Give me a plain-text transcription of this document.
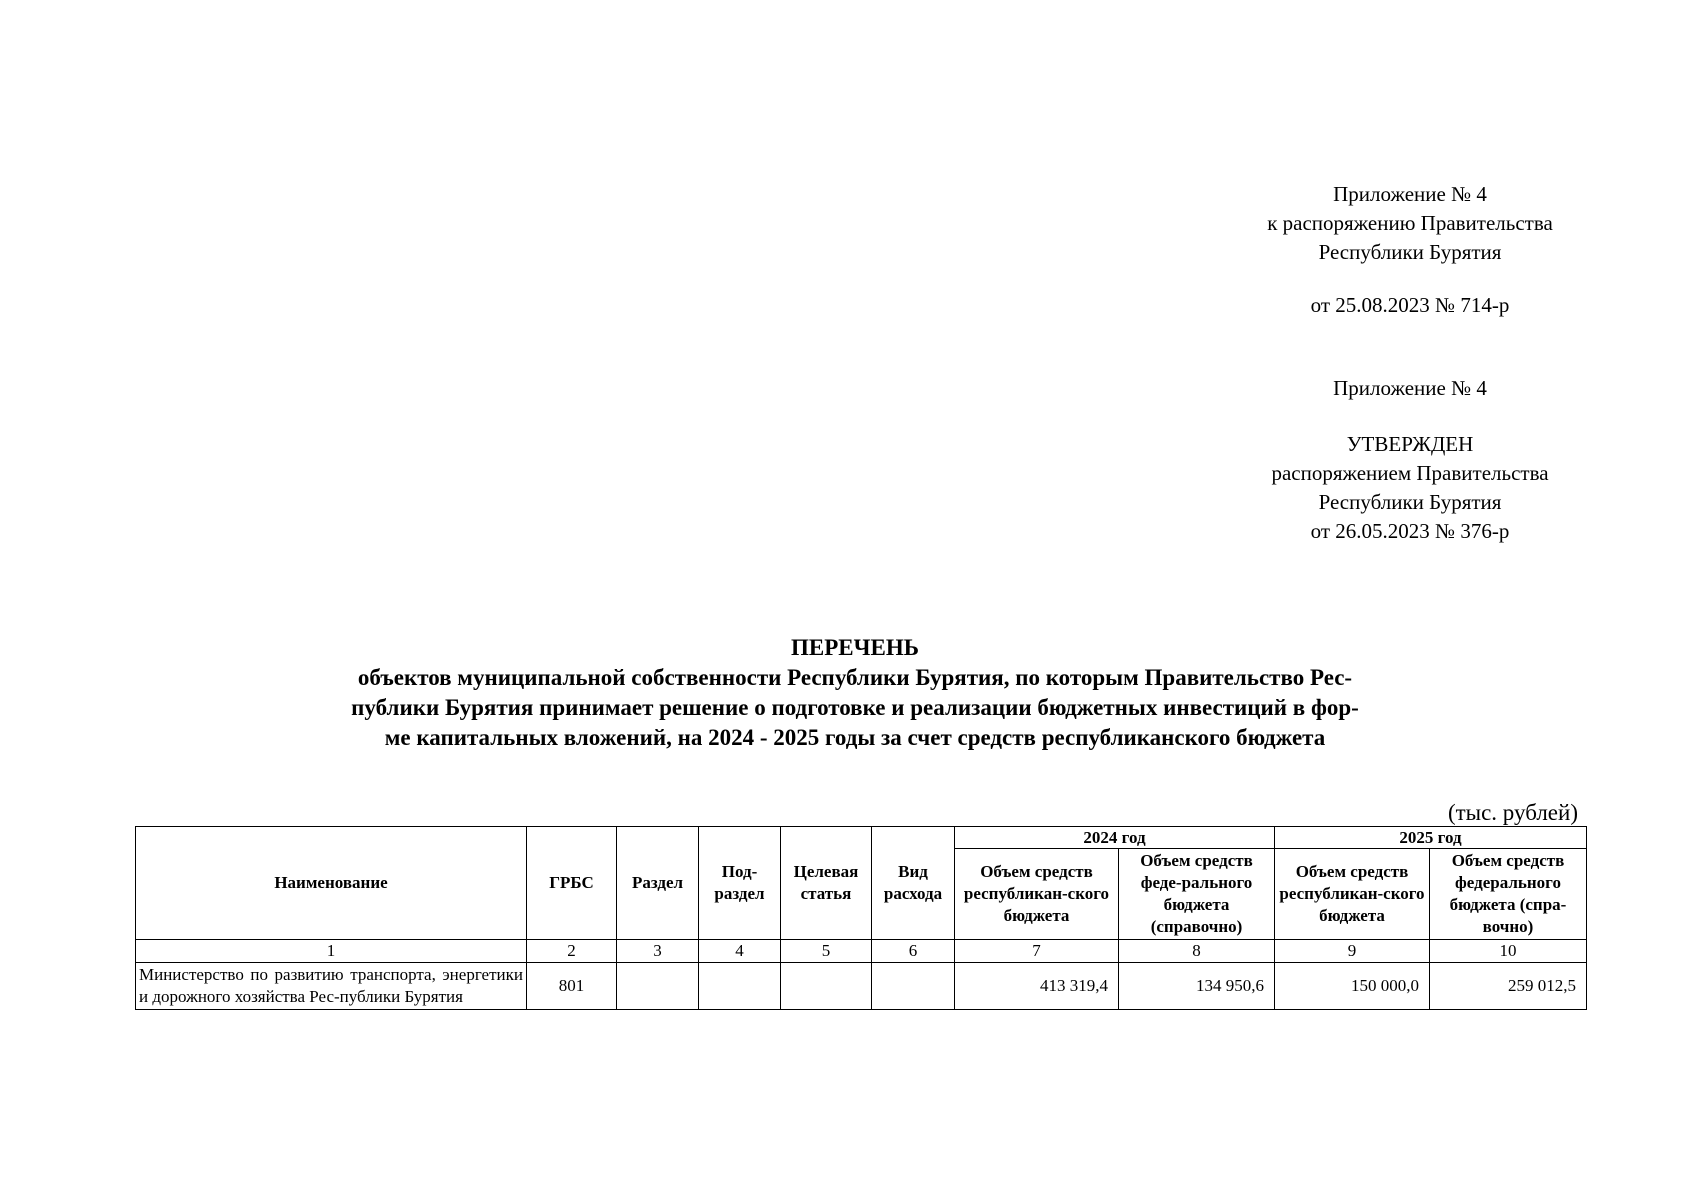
Приложение № 4
к распоряжению Правительства
Республики Бурятия
от 25.08.2023 № 714-р
Приложение № 4
УТВЕРЖДЕН
распоряжением Правительства
Республики Бурятия
от 26.05.2023 № 376-р
ПЕРЕЧЕНЬ
объектов муниципальной собственности Республики Бурятия, по которым Правительство Рес-
публики Бурятия принимает решение о подготовке и реализации бюджетных инвестиций в фор-
ме капитальных вложений, на 2024 - 2025 годы за счет средств республиканского бюджета
(тыс. рублей)
Наименование	ГРБС	Раздел	Под-раздел	Целевая статья	Вид расхода	2024 год		2025 год	
						Объем средств республикан-ского бюджета	Объем средств феде-рального бюджета (справочно)	Объем средств республикан-ского бюджета	Объем средств федерального бюджета (спра-вочно)
1	2	3	4	5	6	7	8	9	10
Министерство по развитию транспорта, энергетики и дорожного хозяйства Рес-публики Бурятия	801					413 319,4	134 950,6	150 000,0	259 012,5
